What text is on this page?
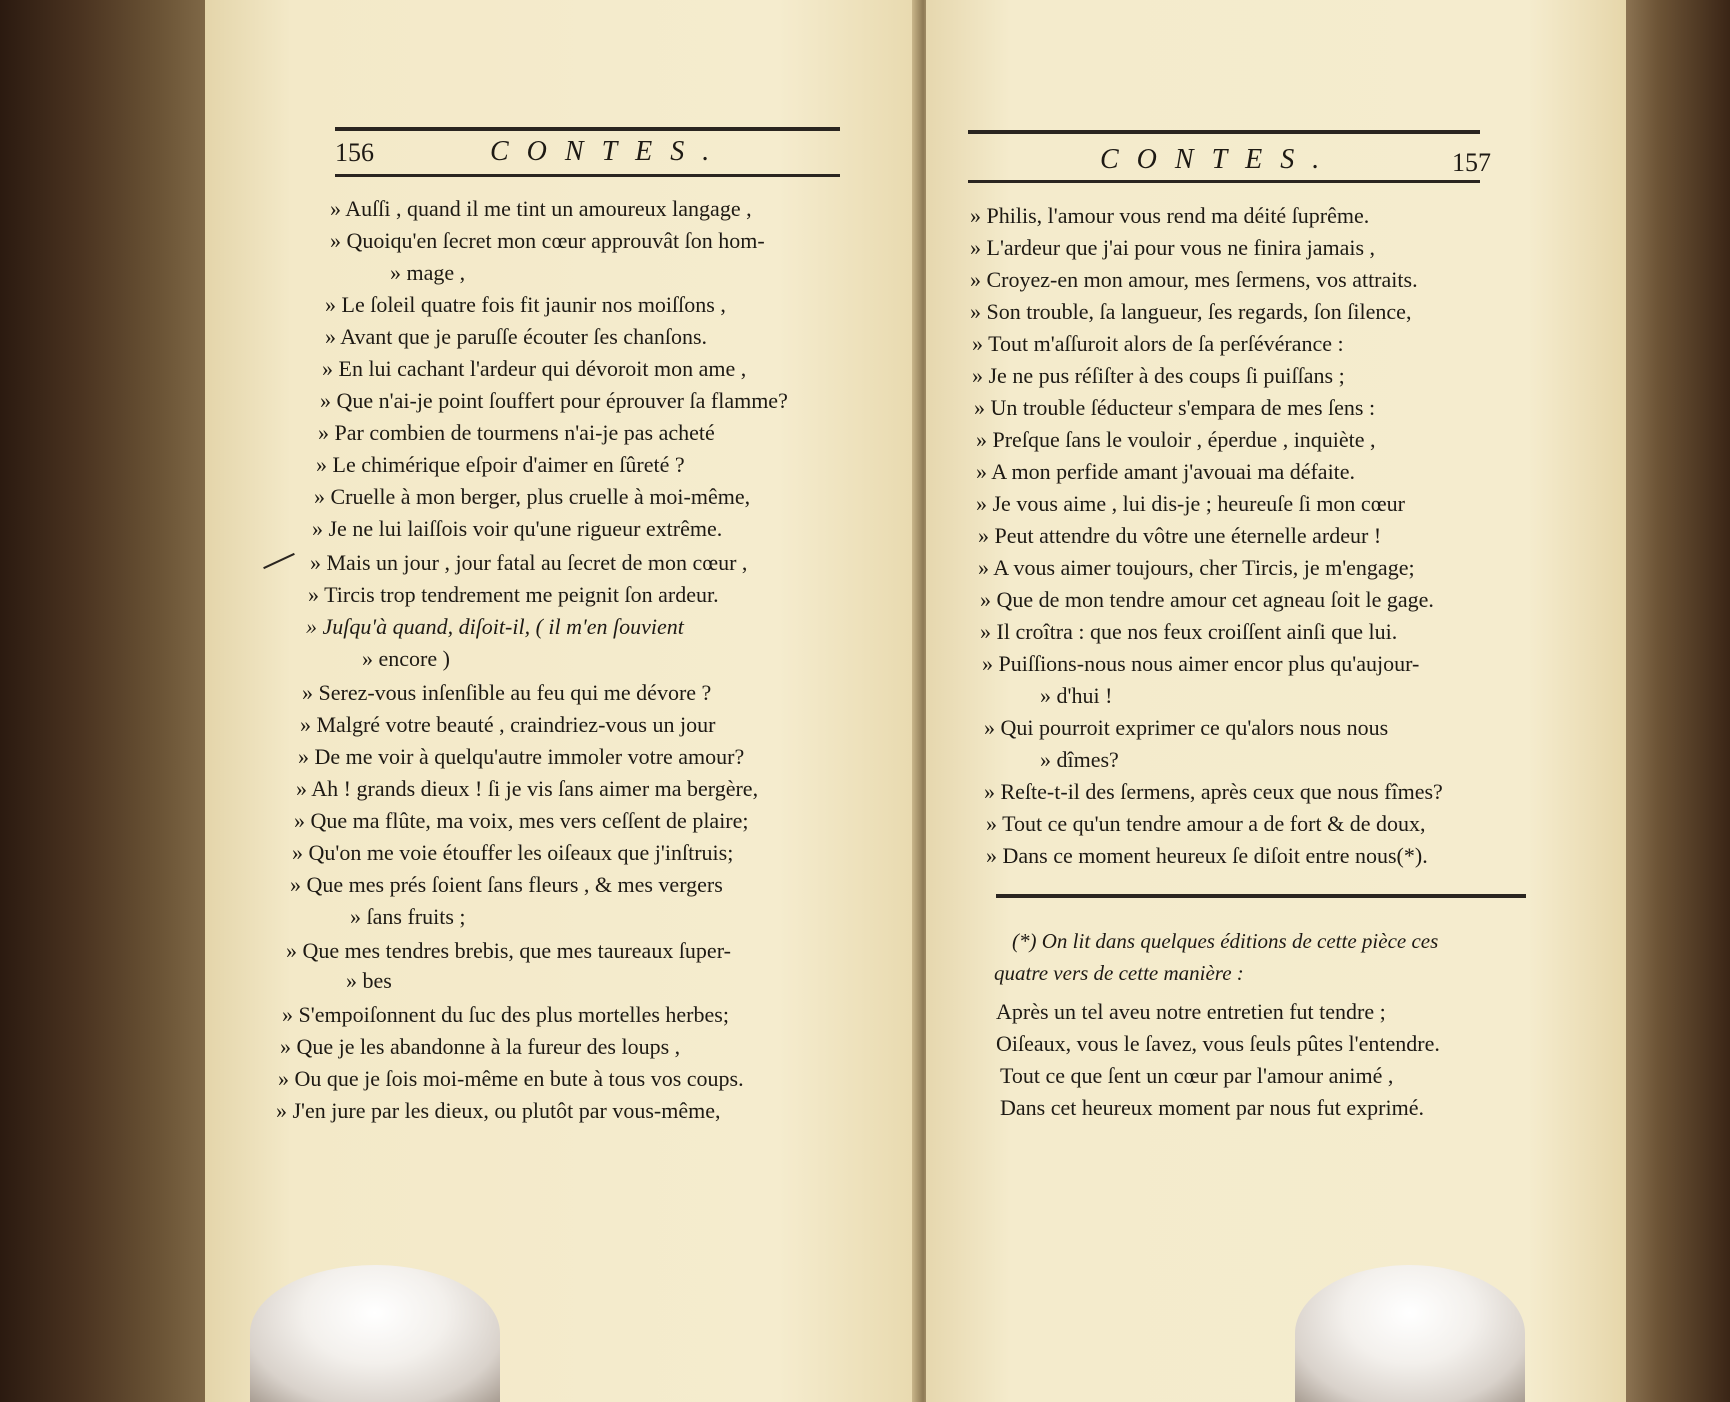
156	CONTES.
» Auſſi , quand il me tint un amoureux langage ,
» Quoiqu'en ſecret mon cœur approuvât ſon hom-
» mage ,
» Le ſoleil quatre fois fit jaunir nos moiſſons ,
» Avant que je paruſſe écouter ſes chanſons.
» En lui cachant l'ardeur qui dévoroit mon ame ,
» Que n'ai-je point ſouffert pour éprouver ſa flamme?
» Par combien de tourmens n'ai-je pas acheté
» Le chimérique eſpoir d'aimer en ſûreté ?
» Cruelle à mon berger, plus cruelle à moi-même,
» Je ne lui laiſſois voir qu'une rigueur extrême.
» Mais un jour , jour fatal au ſecret de mon cœur ,
» Tircis trop tendrement me peignit ſon ardeur.
» Juſqu'à quand, diſoit-il, ( il m'en ſouvient
» encore )
» Serez-vous inſenſible au feu qui me dévore ?
» Malgré votre beauté , craindriez-vous un jour
» De me voir à quelqu'autre immoler votre amour?
» Ah ! grands dieux ! ſi je vis ſans aimer ma bergère,
» Que ma flûte, ma voix, mes vers ceſſent de plaire;
» Qu'on me voie étouffer les oiſeaux que j'inſtruis;
» Que mes prés ſoient ſans fleurs , & mes vergers
» ſans fruits ;
» Que mes tendres brebis, que mes taureaux ſuper-
» bes
» S'empoiſonnent du ſuc des plus mortelles herbes;
» Que je les abandonne à la fureur des loups ,
» Ou que je ſois moi-même en bute à tous vos coups.
» J'en jure par les dieux, ou plutôt par vous-même,
CONTES.	157
» Philis, l'amour vous rend ma déité ſuprême.
» L'ardeur que j'ai pour vous ne finira jamais ,
» Croyez-en mon amour, mes ſermens, vos attraits.
» Son trouble, ſa langueur, ſes regards, ſon ſilence,
» Tout m'aſſuroit alors de ſa perſévérance :
» Je ne pus réſiſter à des coups ſi puiſſans ;
» Un trouble ſéducteur s'empara de mes ſens :
» Preſque ſans le vouloir , éperdue , inquiète ,
» A mon perfide amant j'avouai ma défaite.
» Je vous aime , lui dis-je ; heureuſe ſi mon cœur
» Peut attendre du vôtre une éternelle ardeur !
» A vous aimer toujours, cher Tircis, je m'engage;
» Que de mon tendre amour cet agneau ſoit le gage.
» Il croîtra : que nos feux croiſſent ainſi que lui.
» Puiſſions-nous nous aimer encor plus qu'aujour-
» d'hui !
» Qui pourroit exprimer ce qu'alors nous nous
» dîmes?
» Reſte-t-il des ſermens, après ceux que nous fîmes?
» Tout ce qu'un tendre amour a de fort & de doux,
» Dans ce moment heureux ſe diſoit entre nous(*).
(*) On lit dans quelques éditions de cette pièce ces
quatre vers de cette manière :
Après un tel aveu notre entretien fut tendre ;
Oiſeaux, vous le ſavez, vous ſeuls pûtes l'entendre.
Tout ce que ſent un cœur par l'amour animé ,
Dans cet heureux moment par nous fut exprimé.
